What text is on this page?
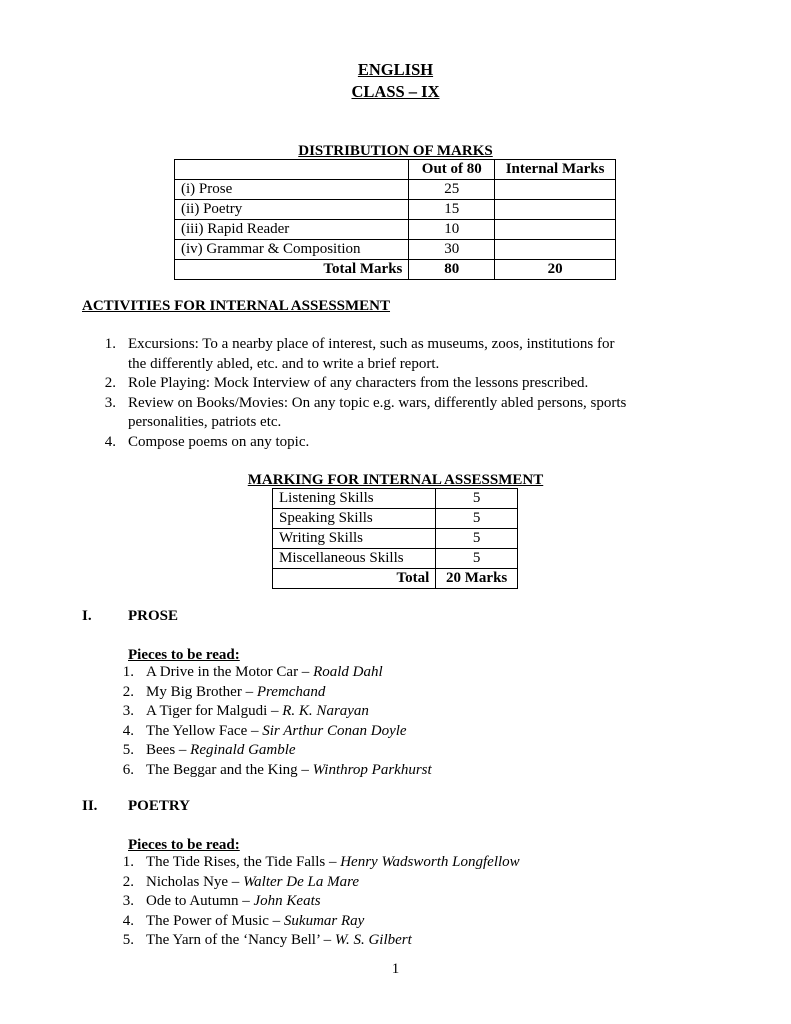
ENGLISH
CLASS – IX
DISTRIBUTION OF MARKS
	Out of 80	Internal Marks
(i) Prose	25	
(ii) Poetry	15	
(iii) Rapid Reader	10	
(iv) Grammar & Composition	30	
Total Marks	80	20
ACTIVITIES FOR INTERNAL ASSESSMENT
1. Excursions: To a nearby place of interest, such as museums, zoos, institutions for
the differently abled, etc. and to write a brief report.
2. Role Playing: Mock Interview of any characters from the lessons prescribed.
3. Review on Books/Movies: On any topic e.g. wars, differently abled persons, sports
personalities, patriots etc.
4. Compose poems on any topic.
MARKING FOR INTERNAL ASSESSMENT
Listening Skills	5
Speaking Skills	5
Writing Skills	5
Miscellaneous Skills	5
Total	20 Marks
I. PROSE
Pieces to be read:
1. A Drive in the Motor Car – Roald Dahl
2. My Big Brother – Premchand
3. A Tiger for Malgudi – R. K. Narayan
4. The Yellow Face – Sir Arthur Conan Doyle
5. Bees – Reginald Gamble
6. The Beggar and the King – Winthrop Parkhurst
II. POETRY
Pieces to be read:
1. The Tide Rises, the Tide Falls – Henry Wadsworth Longfellow
2. Nicholas Nye – Walter De La Mare
3. Ode to Autumn – John Keats
4. The Power of Music – Sukumar Ray
5. The Yarn of the ‘Nancy Bell’ – W. S. Gilbert
1
